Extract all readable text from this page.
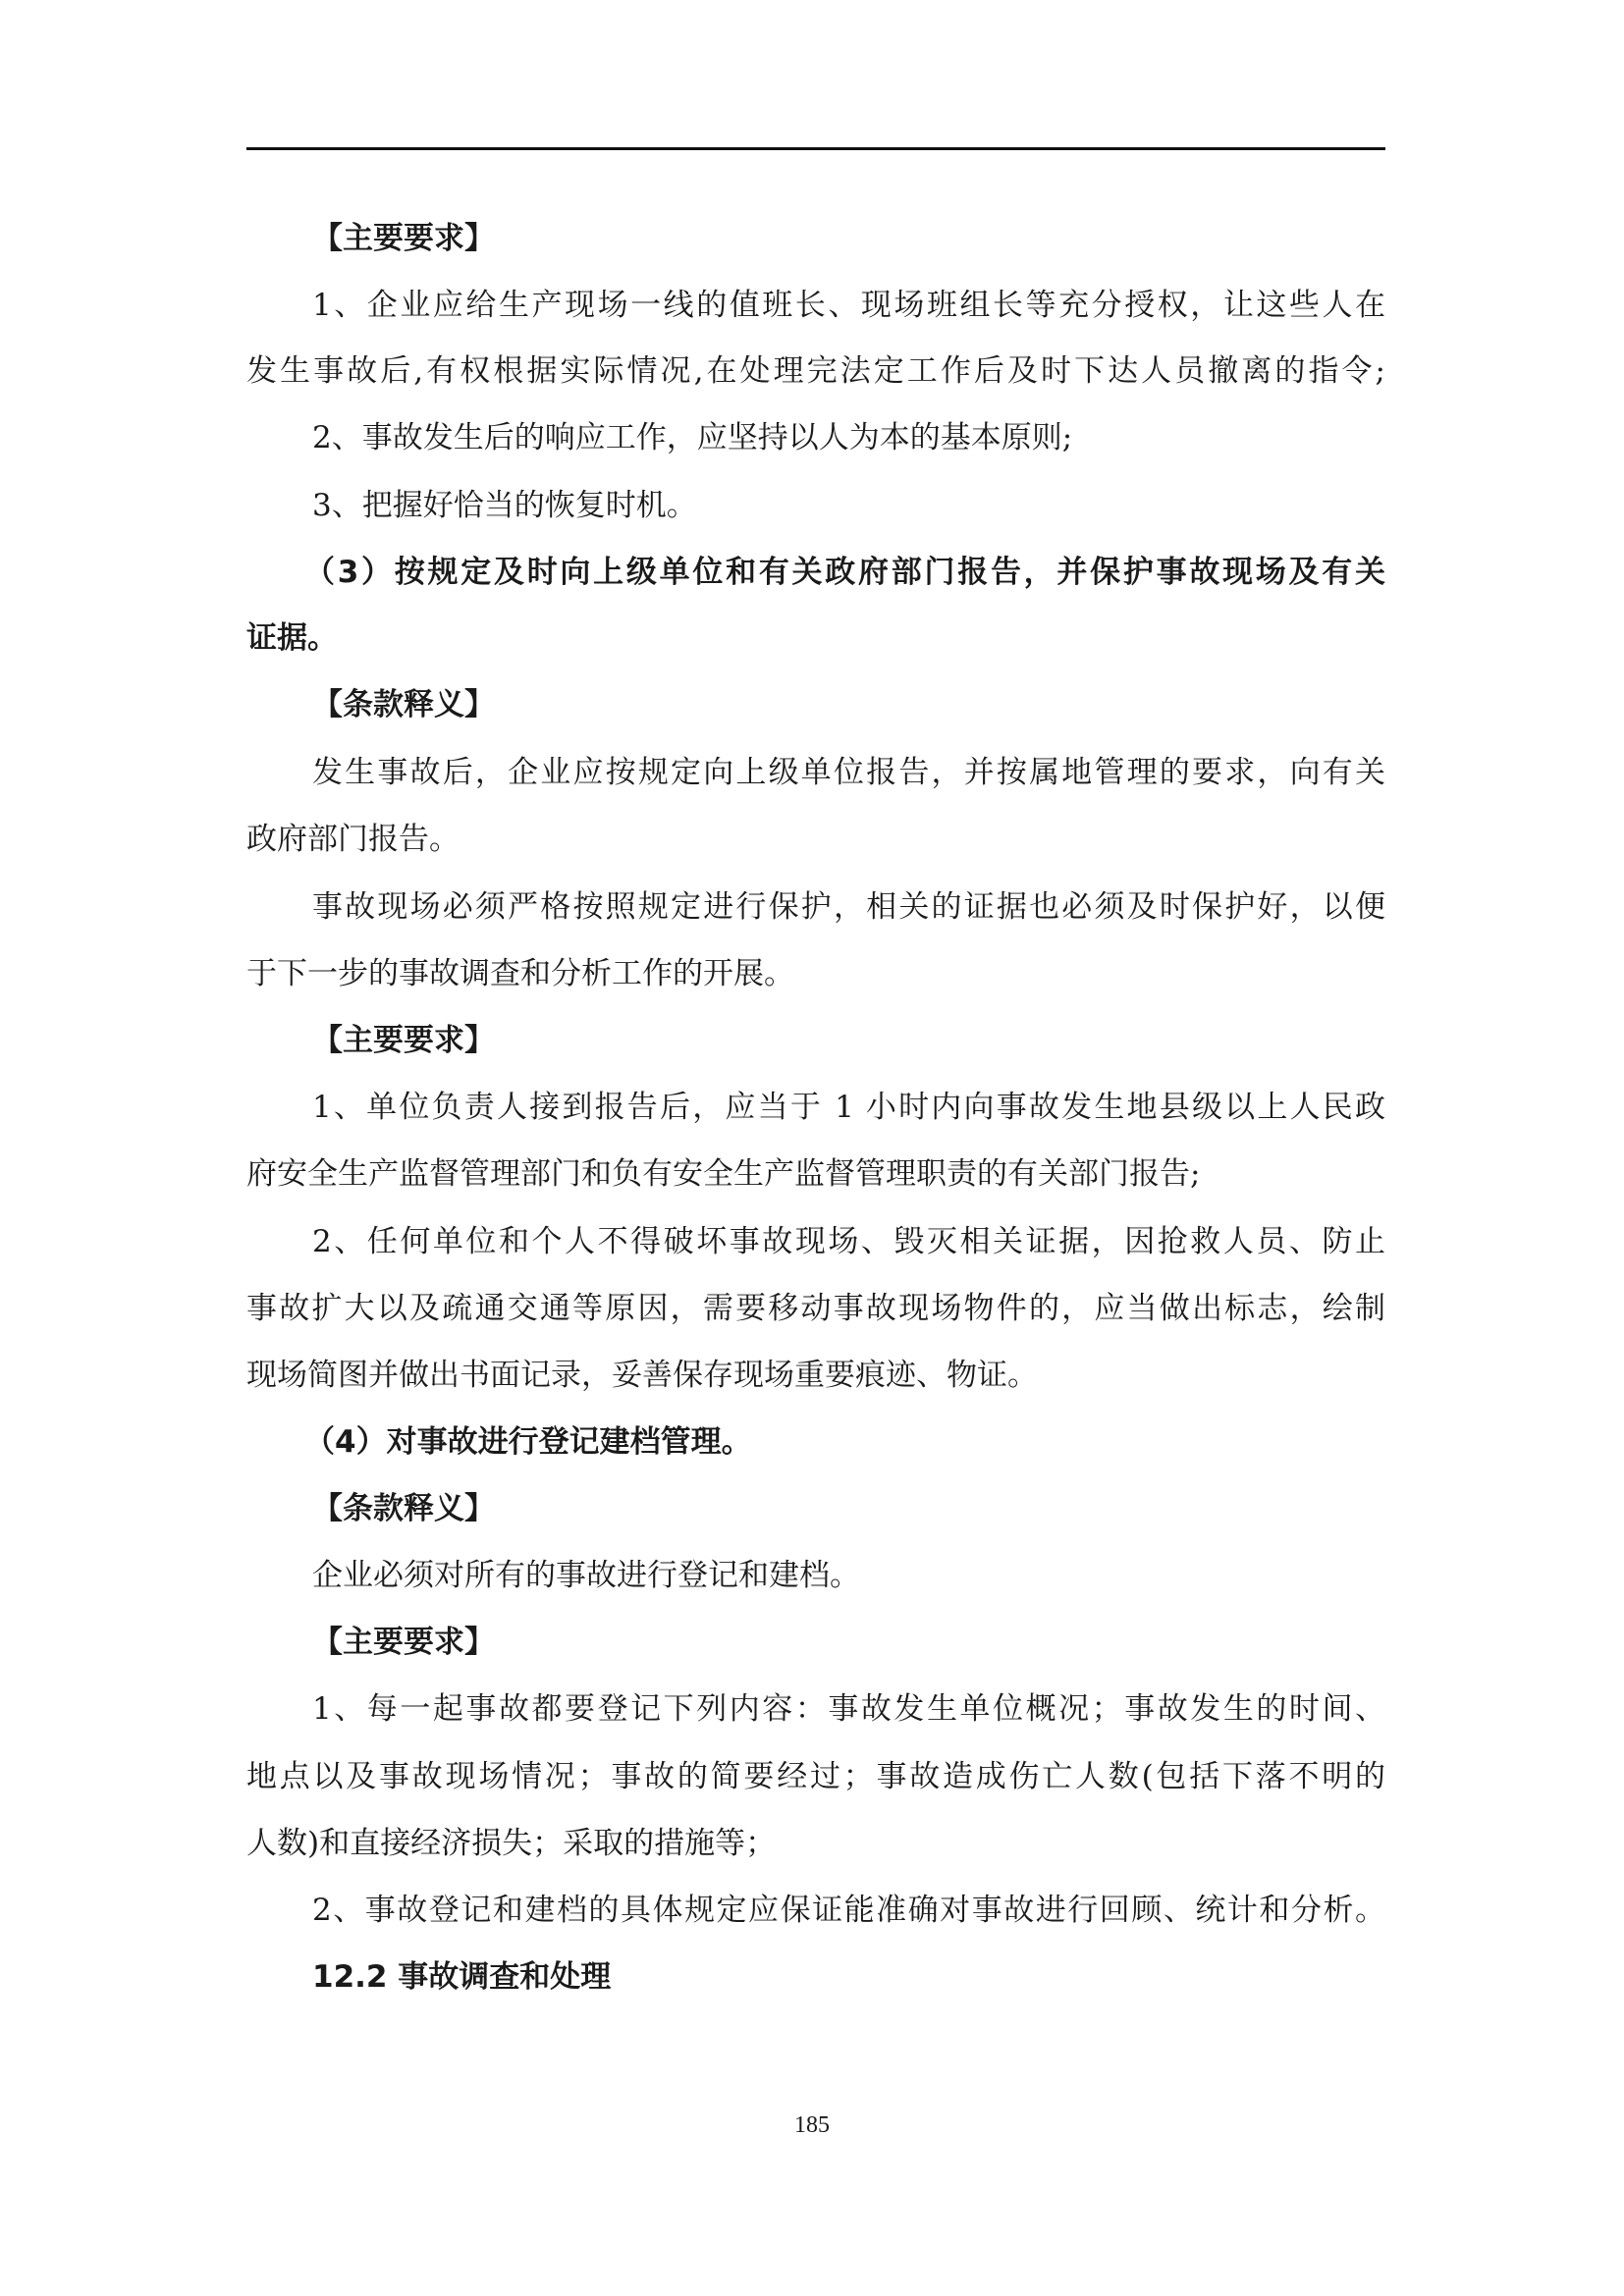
【主要要求】
1、企业应给生产现场一线的值班长、现场班组长等充分授权，让这些人在
发生事故后,有权根据实际情况,在处理完法定工作后及时下达人员撤离的指令;
2、事故发生后的响应工作，应坚持以人为本的基本原则;
3、把握好恰当的恢复时机。
（3）按规定及时向上级单位和有关政府部门报告，并保护事故现场及有关
证据。
【条款释义】
发生事故后，企业应按规定向上级单位报告，并按属地管理的要求，向有关
政府部门报告。
事故现场必须严格按照规定进行保护，相关的证据也必须及时保护好，以便
于下一步的事故调查和分析工作的开展。
【主要要求】
1、单位负责人接到报告后，应当于 1 小时内向事故发生地县级以上人民政
府安全生产监督管理部门和负有安全生产监督管理职责的有关部门报告;
2、任何单位和个人不得破坏事故现场、毁灭相关证据，因抢救人员、防止
事故扩大以及疏通交通等原因，需要移动事故现场物件的，应当做出标志，绘制
现场简图并做出书面记录，妥善保存现场重要痕迹、物证。
（4）对事故进行登记建档管理。
【条款释义】
企业必须对所有的事故进行登记和建档。
【主要要求】
1、每一起事故都要登记下列内容：事故发生单位概况；事故发生的时间、
地点以及事故现场情况；事故的简要经过；事故造成伤亡人数(包括下落不明的
人数)和直接经济损失；采取的措施等；
2、事故登记和建档的具体规定应保证能准确对事故进行回顾、统计和分析。
12.2 事故调查和处理
185
